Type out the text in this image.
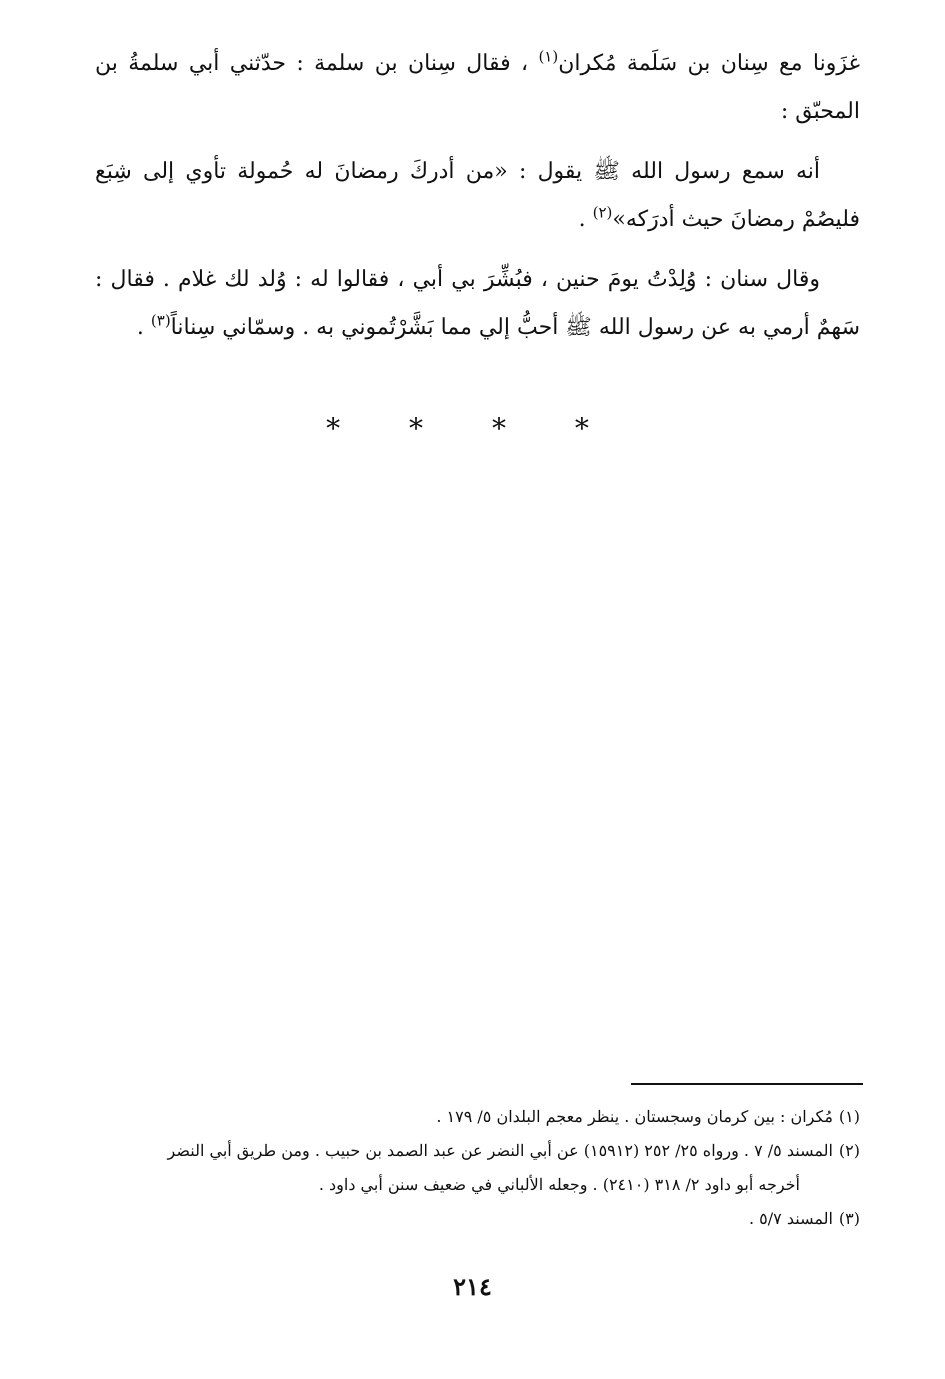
غزَونا مع سِنان بن سَلَمة مُكران$^{(١)}$ ، فقال سِنان بن سلمة : حدّثني أبي سلمةُ بن المحبّق :

أنه سمع رسول الله ﷺ يقول : «من أدركَ رمضانَ له حُمولة تأوي إلى شِبَع فليصُمْ رمضانَ حيث أدرَكه»$^{(٢)}$ .

وقال سنان : وُلِدْتُ يومَ حنين ، فبُشِّرَ بي أبي ، فقالوا له : وُلد لك غلام . فقال : سَهمٌ أرمي به عن رسول الله ﷺ أحبُّ إلي مما بَشَّرْتُموني به . وسمّاني سِناناً$^{(٣)}$ .

* * * *

(١)مُكران : بين كرمان وسجستان . ينظر معجم البلدان ٥/ ١٧٩ .

(٢)المسند ٥/ ٧ . ورواه ٢٥/ ٢٥٢ (١٥٩١٢) عن أبي النضر عن عبد الصمد بن حبيب . ومن طريق أبي النضر

أخرجه أبو داود ٢/ ٣١٨ (٢٤١٠) . وجعله الألباني في ضعيف سنن أبي داود .

(٣)المسند ٥/٧ .

٢١٤
